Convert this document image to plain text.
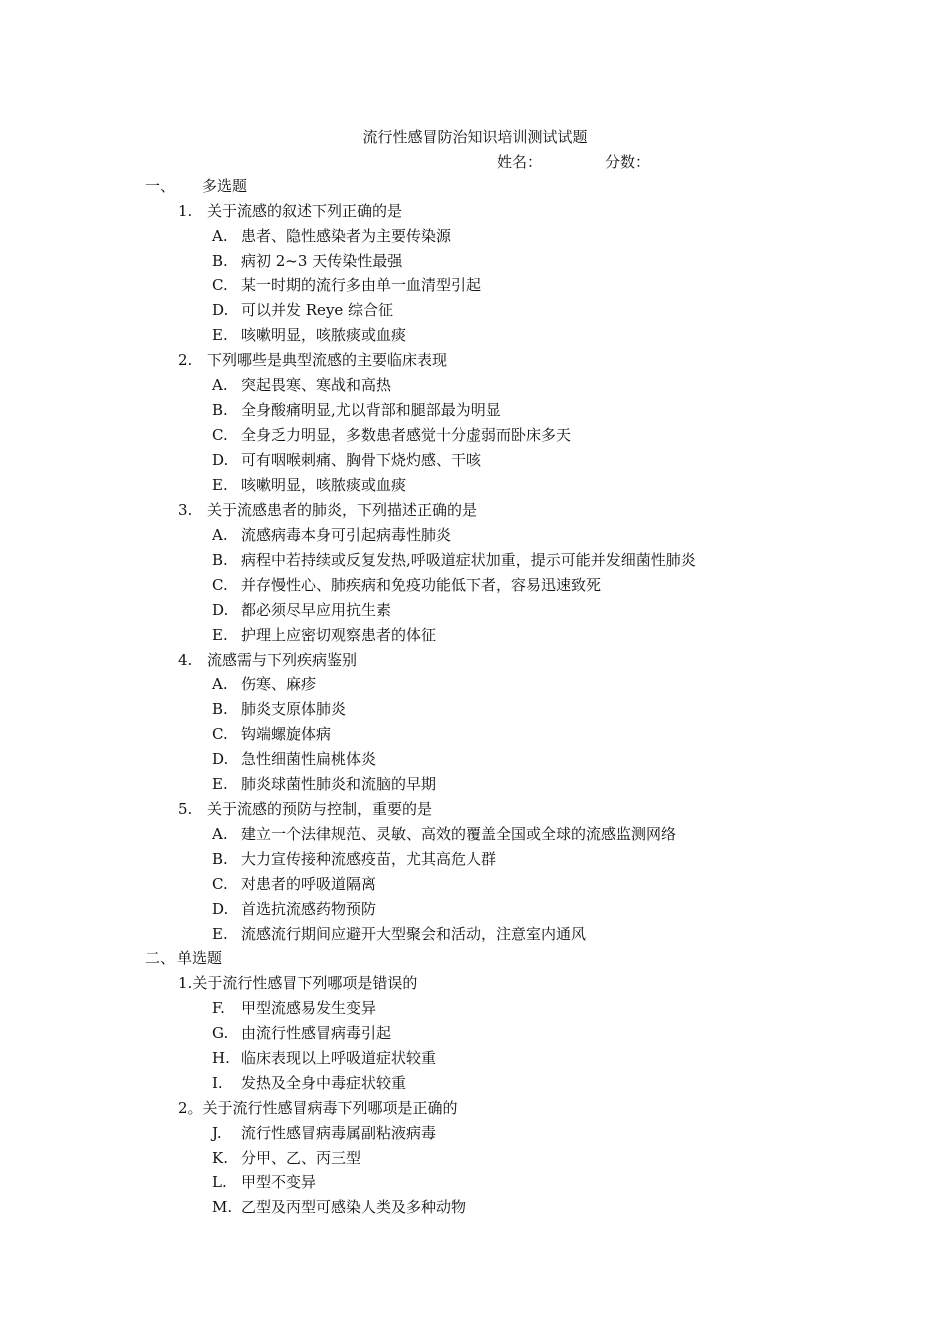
流行性感冒防治知识培训测试试题
姓名：	分数：
一、 多选题
1. 关于流感的叙述下列正确的是
A. 患者、隐性感染者为主要传染源
B. 病初 2~3 天传染性最强
C. 某一时期的流行多由单一血清型引起
D. 可以并发 Reye 综合征
E. 咳嗽明显，咳脓痰或血痰
2. 下列哪些是典型流感的主要临床表现
A. 突起畏寒、寒战和高热
B. 全身酸痛明显,尤以背部和腿部最为明显
C. 全身乏力明显，多数患者感觉十分虚弱而卧床多天
D. 可有咽喉刺痛、胸骨下烧灼感、干咳
E. 咳嗽明显，咳脓痰或血痰
3. 关于流感患者的肺炎，下列描述正确的是
A. 流感病毒本身可引起病毒性肺炎
B. 病程中若持续或反复发热,呼吸道症状加重，提示可能并发细菌性肺炎
C. 并存慢性心、肺疾病和免疫功能低下者，容易迅速致死
D. 都必须尽早应用抗生素
E. 护理上应密切观察患者的体征
4. 流感需与下列疾病鉴别
A. 伤寒、麻疹
B. 肺炎支原体肺炎
C. 钩端螺旋体病
D. 急性细菌性扁桃体炎
E. 肺炎球菌性肺炎和流脑的早期
5. 关于流感的预防与控制，重要的是
A. 建立一个法律规范、灵敏、高效的覆盖全国或全球的流感监测网络
B. 大力宣传接种流感疫苗，尤其高危人群
C. 对患者的呼吸道隔离
D. 首选抗流感药物预防
E. 流感流行期间应避开大型聚会和活动，注意室内通风
二、 单选题
1.关于流行性感冒下列哪项是错误的
F. 甲型流感易发生变异
G. 由流行性感冒病毒引起
H. 临床表现以上呼吸道症状较重
I. 发热及全身中毒症状较重
2。关于流行性感冒病毒下列哪项是正确的
J. 流行性感冒病毒属副粘液病毒
K. 分甲、乙、丙三型
L. 甲型不变异
M. 乙型及丙型可感染人类及多种动物
